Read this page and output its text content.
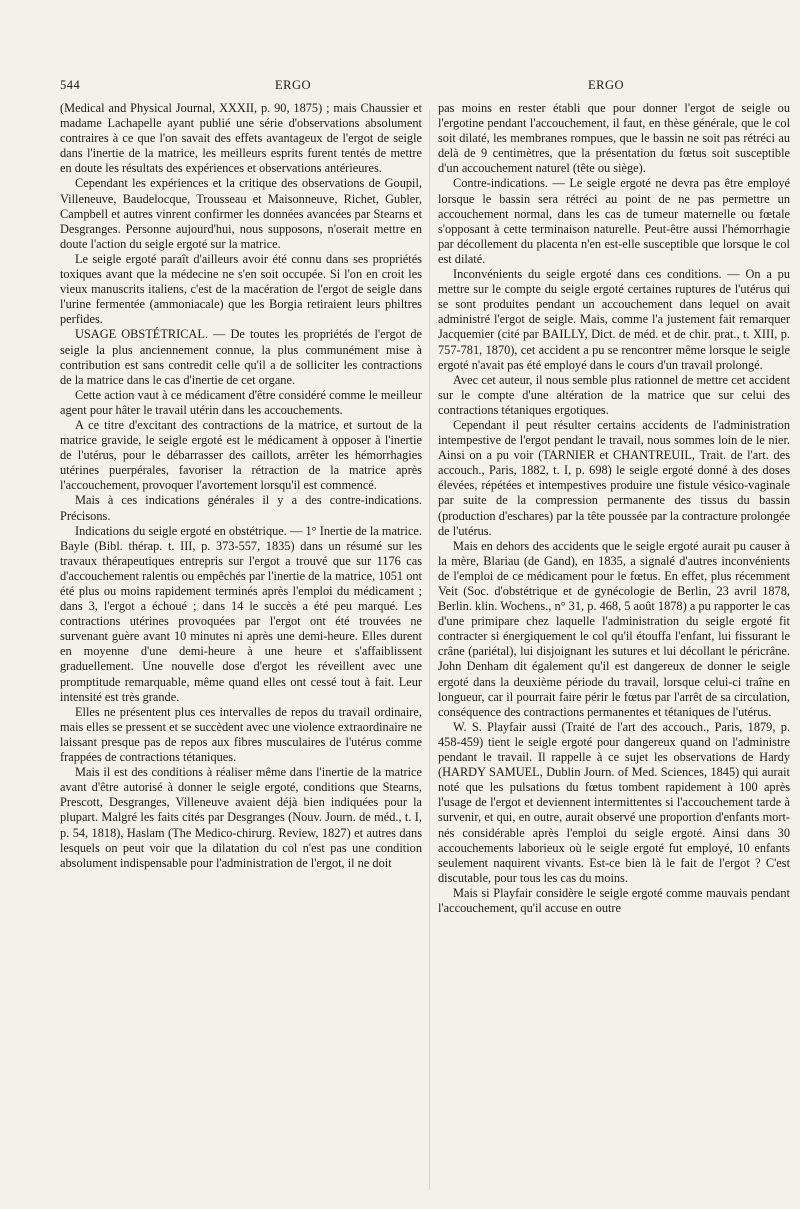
544	ERGO	ERGO

(Medical and Physical Journal, XXXII, p. 90, 1875) ; mais Chaussier et madame Lachapelle ayant publié une série d'observations absolument contraires à ce que l'on savait des effets avantageux de l'ergot de seigle dans l'inertie de la matrice, les meilleurs esprits furent tentés de mettre en doute les résultats des expériences et observations antérieures.

Cependant les expériences et la critique des observations de Goupil, Villeneuve, Baudelocque, Trousseau et Maisonneuve, Richet, Gubler, Campbell et autres vinrent confirmer les données avancées par Stearns et Desgranges. Personne aujourd'hui, nous supposons, n'oserait mettre en doute l'action du seigle ergoté sur la matrice.

Le seigle ergoté paraît d'ailleurs avoir été connu dans ses propriétés toxiques avant que la médecine ne s'en soit occupée. Si l'on en croit les vieux manuscrits italiens, c'est de la macération de l'ergot de seigle dans l'urine fermentée (ammoniacale) que les Borgia retiraient leurs philtres perfides.

USAGE OBSTÉTRICAL. — De toutes les propriétés de l'ergot de seigle la plus anciennement connue, la plus communément mise à contribution est sans contredit celle qu'il a de solliciter les contractions de la matrice dans le cas d'inertie de cet organe.

Cette action vaut à ce médicament d'être considéré comme le meilleur agent pour hâter le travail utérin dans les accouchements.

A ce titre d'excitant des contractions de la matrice, et surtout de la matrice gravide, le seigle ergoté est le médicament à opposer à l'inertie de l'utérus, pour le débarrasser des caillots, arrêter les hémorrhagies utérines puerpérales, favoriser la rétraction de la matrice après l'accouchement, provoquer l'avortement lorsqu'il est commencé.

Mais à ces indications générales il y a des contre-indications. Précisons.

Indications du seigle ergoté en obstétrique. — 1° Inertie de la matrice. Bayle (Bibl. thérap. t. III, p. 373-557, 1835) dans un résumé sur les travaux thérapeutiques entrepris sur l'ergot a trouvé que sur 1176 cas d'accouchement ralentis ou empêchés par l'inertie de la matrice, 1051 ont été plus ou moins rapidement terminés après l'emploi du médicament ; dans 3, l'ergot a échoué ; dans 14 le succès a été peu marqué. Les contractions utérines provoquées par l'ergot ont été trouvées ne survenant guère avant 10 minutes ni après une demi-heure. Elles durent en moyenne d'une demi-heure à une heure et s'affaiblissent graduellement. Une nouvelle dose d'ergot les réveillent avec une promptitude remarquable, même quand elles ont cessé tout à fait. Leur intensité est très grande.

Elles ne présentent plus ces intervalles de repos du travail ordinaire, mais elles se pressent et se succèdent avec une violence extraordinaire ne laissant presque pas de repos aux fibres musculaires de l'utérus comme frappées de contractions tétaniques.

Mais il est des conditions à réaliser même dans l'inertie de la matrice avant d'être autorisé à donner le seigle ergoté, conditions que Stearns, Prescott, Desgranges, Villeneuve avaient déjà bien indiquées pour la plupart. Malgré les faits cités par Desgranges (Nouv. Journ. de méd., t. I, p. 54, 1818), Haslam (The Medico-chirurg. Review, 1827) et autres dans lesquels on peut voir que la dilatation du col n'est pas une condition absolument indispensable pour l'administration de l'ergot, il ne doit

pas moins en rester établi que pour donner l'ergot de seigle ou l'ergotine pendant l'accouchement, il faut, en thèse générale, que le col soit dilaté, les membranes rompues, que le bassin ne soit pas rétréci au delà de 9 centimètres, que la présentation du fœtus soit susceptible d'un accouchement naturel (tête ou siège).

Contre-indications. — Le seigle ergoté ne devra pas être employé lorsque le bassin sera rétréci au point de ne pas permettre un accouchement normal, dans les cas de tumeur maternelle ou fœtale s'opposant à cette terminaison naturelle. Peut-être aussi l'hémorrhagie par décollement du placenta n'en est-elle susceptible que lorsque le col est dilaté.

Inconvénients du seigle ergoté dans ces conditions. — On a pu mettre sur le compte du seigle ergoté certaines ruptures de l'utérus qui se sont produites pendant un accouchement dans lequel on avait administré l'ergot de seigle. Mais, comme l'a justement fait remarquer Jacquemier (cité par BAILLY, Dict. de méd. et de chir. prat., t. XIII, p. 757-781, 1870), cet accident a pu se rencontrer même lorsque le seigle ergoté n'avait pas été employé dans le cours d'un travail prolongé.

Avec cet auteur, il nous semble plus rationnel de mettre cet accident sur le compte d'une altération de la matrice que sur celui des contractions tétaniques ergotiques.

Cependant il peut résulter certains accidents de l'administration intempestive de l'ergot pendant le travail, nous sommes loin de le nier. Ainsi on a pu voir (TARNIER et CHANTREUIL, Trait. de l'art. des accouch., Paris, 1882, t. I, p. 698) le seigle ergoté donné à des doses élevées, répétées et intempestives produire une fistule vésico-vaginale par suite de la compression permanente des tissus du bassin (production d'eschares) par la tête poussée par la contracture prolongée de l'utérus.

Mais en dehors des accidents que le seigle ergoté aurait pu causer à la mère, Blariau (de Gand), en 1835, a signalé d'autres inconvénients de l'emploi de ce médicament pour le fœtus. En effet, plus récemment Veit (Soc. d'obstétrique et de gynécologie de Berlin, 23 avril 1878, Berlin. klin. Wochens., n° 31, p. 468, 5 août 1878) a pu rapporter le cas d'une primipare chez laquelle l'administration du seigle ergoté fit contracter si énergiquement le col qu'il étouffa l'enfant, lui fissurant le crâne (pariétal), lui disjoignant les sutures et lui décollant le péricrâne. John Denham dit également qu'il est dangereux de donner le seigle ergoté dans la deuxième période du travail, lorsque celui-ci traîne en longueur, car il pourrait faire périr le fœtus par l'arrêt de sa circulation, conséquence des contractions permanentes et tétaniques de l'utérus.

W. S. Playfair aussi (Traité de l'art des accouch., Paris, 1879, p. 458-459) tient le seigle ergoté pour dangereux quand on l'administre pendant le travail. Il rappelle à ce sujet les observations de Hardy (HARDY SAMUEL, Dublin Journ. of Med. Sciences, 1845) qui aurait noté que les pulsations du fœtus tombent rapidement à 100 après l'usage de l'ergot et deviennent intermittentes si l'accouchement tarde à survenir, et qui, en outre, aurait observé une proportion d'enfants mort-nés considérable après l'emploi du seigle ergoté. Ainsi dans 30 accouchements laborieux où le seigle ergoté fut employé, 10 enfants seulement naquirent vivants. Est-ce bien là le fait de l'ergot ? C'est discutable, pour tous les cas du moins.

Mais si Playfair considère le seigle ergoté comme mauvais pendant l'accouchement, qu'il accuse en outre
